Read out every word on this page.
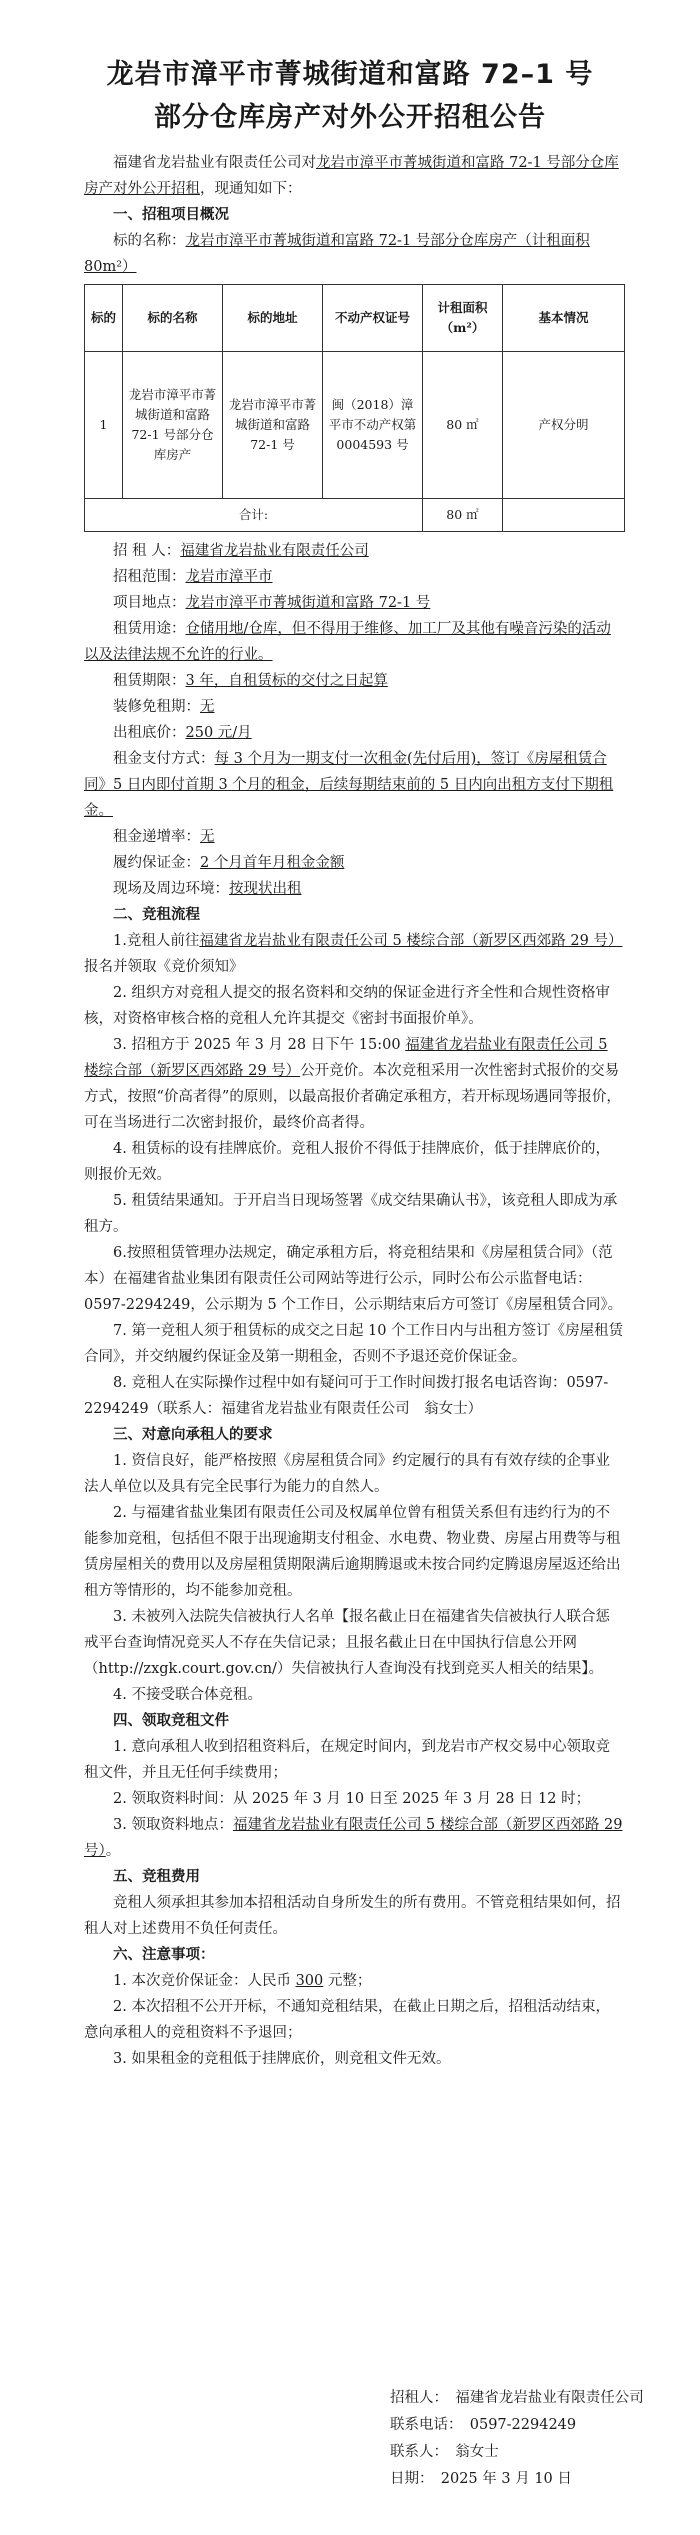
龙岩市漳平市菁城街道和富路 72–1 号
部分仓库房产对外公开招租公告

福建省龙岩盐业有限责任公司对龙岩市漳平市菁城街道和富路 72-1 号部分仓库房产对外公开招租，现通知如下：

一、招租项目概况

标的名称：龙岩市漳平市菁城街道和富路 72-1 号部分仓库房产（计租面积 80m²）

标的	标的名称	标的地址	不动产权证号	计租面积（m²）	基本情况
1	龙岩市漳平市菁城街道和富路 72-1 号部分仓库房产	龙岩市漳平市菁城街道和富路 72-1 号	闽（2018）漳平市不动产权第 0004593 号	80 ㎡	产权分明
合计:				80 ㎡	

招 租 人：福建省龙岩盐业有限责任公司

招租范围：龙岩市漳平市

项目地点：龙岩市漳平市菁城街道和富路 72-1 号

租赁用途：仓储用地/仓库，但不得用于维修、加工厂及其他有噪音污染的活动以及法律法规不允许的行业。

租赁期限：3 年，自租赁标的交付之日起算

装修免租期：无

出租底价：250 元/月

租金支付方式：每 3 个月为一期支付一次租金(先付后用)，签订《房屋租赁合同》5 日内即付首期 3 个月的租金，后续每期结束前的 5 日内向出租方支付下期租金。

租金递增率：无

履约保证金：2 个月首年月租金金额

现场及周边环境：按现状出租

二、竞租流程

1.竞租人前往福建省龙岩盐业有限责任公司 5 楼综合部（新罗区西郊路 29 号）报名并领取《竞价须知》

2. 组织方对竞租人提交的报名资料和交纳的保证金进行齐全性和合规性资格审核，对资格审核合格的竞租人允许其提交《密封书面报价单》。

3. 招租方于 2025 年 3 月 28 日下午 15:00 福建省龙岩盐业有限责任公司 5 楼综合部（新罗区西郊路 29 号）公开竞价。本次竞租采用一次性密封式报价的交易方式，按照“价高者得”的原则，以最高报价者确定承租方，若开标现场遇同等报价，可在当场进行二次密封报价，最终价高者得。

4. 租赁标的设有挂牌底价。竞租人报价不得低于挂牌底价，低于挂牌底价的，则报价无效。

5. 租赁结果通知。于开启当日现场签署《成交结果确认书》，该竞租人即成为承租方。

6.按照租赁管理办法规定，确定承租方后，将竞租结果和《房屋租赁合同》（范本）在福建省盐业集团有限责任公司网站等进行公示，同时公布公示监督电话：0597-2294249，公示期为 5 个工作日，公示期结束后方可签订《房屋租赁合同》。

7. 第一竞租人须于租赁标的成交之日起 10 个工作日内与出租方签订《房屋租赁合同》，并交纳履约保证金及第一期租金，否则不予退还竞价保证金。

8. 竞租人在实际操作过程中如有疑问可于工作时间拨打报名电话咨询：0597-2294249（联系人：福建省龙岩盐业有限责任公司　翁女士）

三、对意向承租人的要求

1. 资信良好，能严格按照《房屋租赁合同》约定履行的具有有效存续的企事业法人单位以及具有完全民事行为能力的自然人。

2. 与福建省盐业集团有限责任公司及权属单位曾有租赁关系但有违约行为的不能参加竞租，包括但不限于出现逾期支付租金、水电费、物业费、房屋占用费等与租赁房屋相关的费用以及房屋租赁期限满后逾期腾退或未按合同约定腾退房屋返还给出租方等情形的，均不能参加竞租。

3. 未被列入法院失信被执行人名单【报名截止日在福建省失信被执行人联合惩戒平台查询情况竞买人不存在失信记录；且报名截止日在中国执行信息公开网（http://zxgk.court.gov.cn/）失信被执行人查询没有找到竞买人相关的结果】。

4. 不接受联合体竞租。

四、领取竞租文件

1. 意向承租人收到招租资料后，在规定时间内，到龙岩市产权交易中心领取竞租文件，并且无任何手续费用；

2. 领取资料时间：从 2025 年 3 月 10 日至 2025 年 3 月 28 日 12 时；

3. 领取资料地点：福建省龙岩盐业有限责任公司 5 楼综合部（新罗区西郊路 29 号）。

五、竞租费用

竞租人须承担其参加本招租活动自身所发生的所有费用。不管竞租结果如何，招租人对上述费用不负任何责任。

六、注意事项：

1. 本次竞价保证金：人民币 300 元整；

2. 本次招租不公开开标，不通知竞租结果，在截止日期之后，招租活动结束，意向承租人的竞租资料不予退回；

3. 如果租金的竞租低于挂牌底价，则竞租文件无效。

招租人：　福建省龙岩盐业有限责任公司

联系电话：　0597-2294249

联系人：　翁女士

日期：　2025 年 3 月 10 日
